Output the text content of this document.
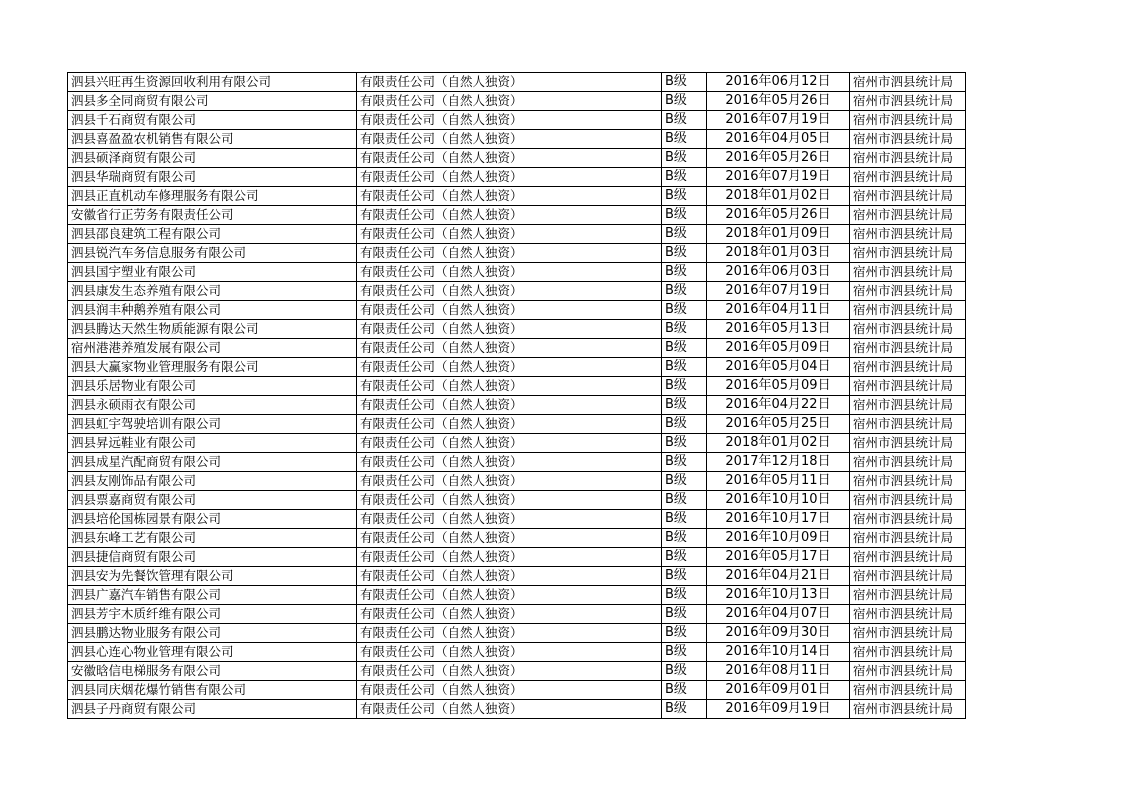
泗县兴旺再生资源回收利用有限公司	有限责任公司（自然人独资）	B级	2016年06月12日	宿州市泗县统计局
泗县多全同商贸有限公司	有限责任公司（自然人独资）	B级	2016年05月26日	宿州市泗县统计局
泗县千石商贸有限公司	有限责任公司（自然人独资）	B级	2016年07月19日	宿州市泗县统计局
泗县喜盈盈农机销售有限公司	有限责任公司（自然人独资）	B级	2016年04月05日	宿州市泗县统计局
泗县硕泽商贸有限公司	有限责任公司（自然人独资）	B级	2016年05月26日	宿州市泗县统计局
泗县华瑞商贸有限公司	有限责任公司（自然人独资）	B级	2016年07月19日	宿州市泗县统计局
泗县正直机动车修理服务有限公司	有限责任公司（自然人独资）	B级	2018年01月02日	宿州市泗县统计局
安徽省行正劳务有限责任公司	有限责任公司（自然人独资）	B级	2016年05月26日	宿州市泗县统计局
泗县邵良建筑工程有限公司	有限责任公司（自然人独资）	B级	2018年01月09日	宿州市泗县统计局
泗县锐汽车务信息服务有限公司	有限责任公司（自然人独资）	B级	2018年01月03日	宿州市泗县统计局
泗县国宇塑业有限公司	有限责任公司（自然人独资）	B级	2016年06月03日	宿州市泗县统计局
泗县康发生态养殖有限公司	有限责任公司（自然人独资）	B级	2016年07月19日	宿州市泗县统计局
泗县润丰种鹅养殖有限公司	有限责任公司（自然人独资）	B级	2016年04月11日	宿州市泗县统计局
泗县腾达天然生物质能源有限公司	有限责任公司（自然人独资）	B级	2016年05月13日	宿州市泗县统计局
宿州港港养殖发展有限公司	有限责任公司（自然人独资）	B级	2016年05月09日	宿州市泗县统计局
泗县大赢家物业管理服务有限公司	有限责任公司（自然人独资）	B级	2016年05月04日	宿州市泗县统计局
泗县乐居物业有限公司	有限责任公司（自然人独资）	B级	2016年05月09日	宿州市泗县统计局
泗县永硕雨衣有限公司	有限责任公司（自然人独资）	B级	2016年04月22日	宿州市泗县统计局
泗县虹宇驾驶培训有限公司	有限责任公司（自然人独资）	B级	2016年05月25日	宿州市泗县统计局
泗县昇远鞋业有限公司	有限责任公司（自然人独资）	B级	2018年01月02日	宿州市泗县统计局
泗县成星汽配商贸有限公司	有限责任公司（自然人独资）	B级	2017年12月18日	宿州市泗县统计局
泗县友刚饰品有限公司	有限责任公司（自然人独资）	B级	2016年05月11日	宿州市泗县统计局
泗县票嘉商贸有限公司	有限责任公司（自然人独资）	B级	2016年10月10日	宿州市泗县统计局
泗县培伦国栋园景有限公司	有限责任公司（自然人独资）	B级	2016年10月17日	宿州市泗县统计局
泗县东峰工艺有限公司	有限责任公司（自然人独资）	B级	2016年10月09日	宿州市泗县统计局
泗县捷信商贸有限公司	有限责任公司（自然人独资）	B级	2016年05月17日	宿州市泗县统计局
泗县安为先餐饮管理有限公司	有限责任公司（自然人独资）	B级	2016年04月21日	宿州市泗县统计局
泗县广嘉汽车销售有限公司	有限责任公司（自然人独资）	B级	2016年10月13日	宿州市泗县统计局
泗县芳宇木质纤维有限公司	有限责任公司（自然人独资）	B级	2016年04月07日	宿州市泗县统计局
泗县鹏达物业服务有限公司	有限责任公司（自然人独资）	B级	2016年09月30日	宿州市泗县统计局
泗县心连心物业管理有限公司	有限责任公司（自然人独资）	B级	2016年10月14日	宿州市泗县统计局
安徽晗信电梯服务有限公司	有限责任公司（自然人独资）	B级	2016年08月11日	宿州市泗县统计局
泗县同庆烟花爆竹销售有限公司	有限责任公司（自然人独资）	B级	2016年09月01日	宿州市泗县统计局
泗县子丹商贸有限公司	有限责任公司（自然人独资）	B级	2016年09月19日	宿州市泗县统计局
